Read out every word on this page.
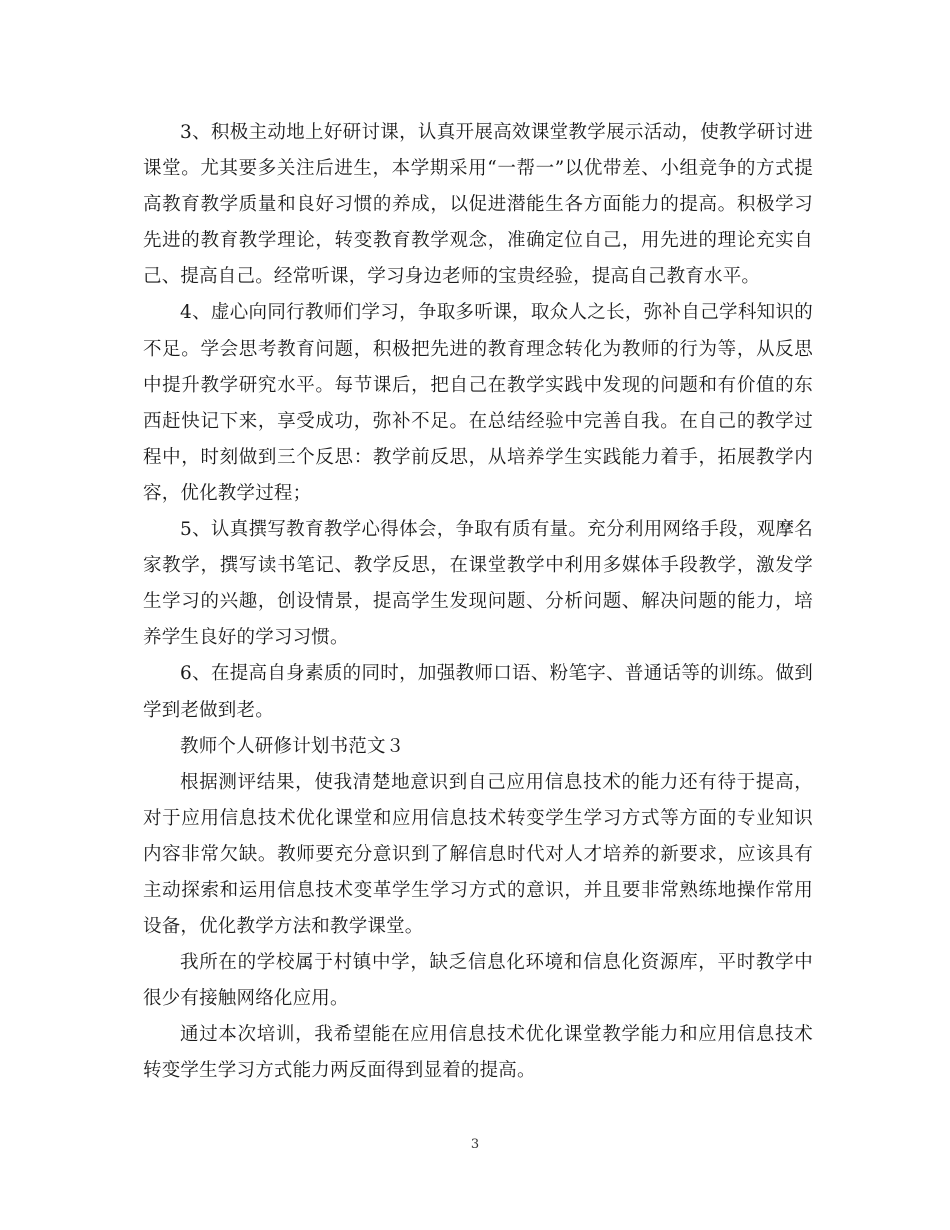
3、积极主动地上好研讨课，认真开展高效课堂教学展示活动，使教学研讨进课堂。尤其要多关注后进生，本学期采用“一帮一”以优带差、小组竞争的方式提高教育教学质量和良好习惯的养成，以促进潜能生各方面能力的提高。积极学习先进的教育教学理论，转变教育教学观念，准确定位自己，用先进的理论充实自己、提高自己。经常听课，学习身边老师的宝贵经验，提高自己教育水平。

4、虚心向同行教师们学习，争取多听课，取众人之长，弥补自己学科知识的不足。学会思考教育问题，积极把先进的教育理念转化为教师的行为等，从反思中提升教学研究水平。每节课后，把自己在教学实践中发现的问题和有价值的东西赶快记下来，享受成功，弥补不足。在总结经验中完善自我。在自己的教学过程中，时刻做到三个反思：教学前反思，从培养学生实践能力着手，拓展教学内容，优化教学过程；

5、认真撰写教育教学心得体会，争取有质有量。充分利用网络手段，观摩名家教学，撰写读书笔记、教学反思，在课堂教学中利用多媒体手段教学，激发学生学习的兴趣，创设情景，提高学生发现问题、分析问题、解决问题的能力，培养学生良好的学习习惯。

6、在提高自身素质的同时，加强教师口语、粉笔字、普通话等的训练。做到学到老做到老。

教师个人研修计划书范文３

根据测评结果，使我清楚地意识到自己应用信息技术的能力还有待于提高，对于应用信息技术优化课堂和应用信息技术转变学生学习方式等方面的专业知识内容非常欠缺。教师要充分意识到了解信息时代对人才培养的新要求，应该具有主动探索和运用信息技术变革学生学习方式的意识，并且要非常熟练地操作常用设备，优化教学方法和教学课堂。

我所在的学校属于村镇中学，缺乏信息化环境和信息化资源库，平时教学中很少有接触网络化应用。

通过本次培训，我希望能在应用信息技术优化课堂教学能力和应用信息技术转变学生学习方式能力两反面得到显着的提高。

3
